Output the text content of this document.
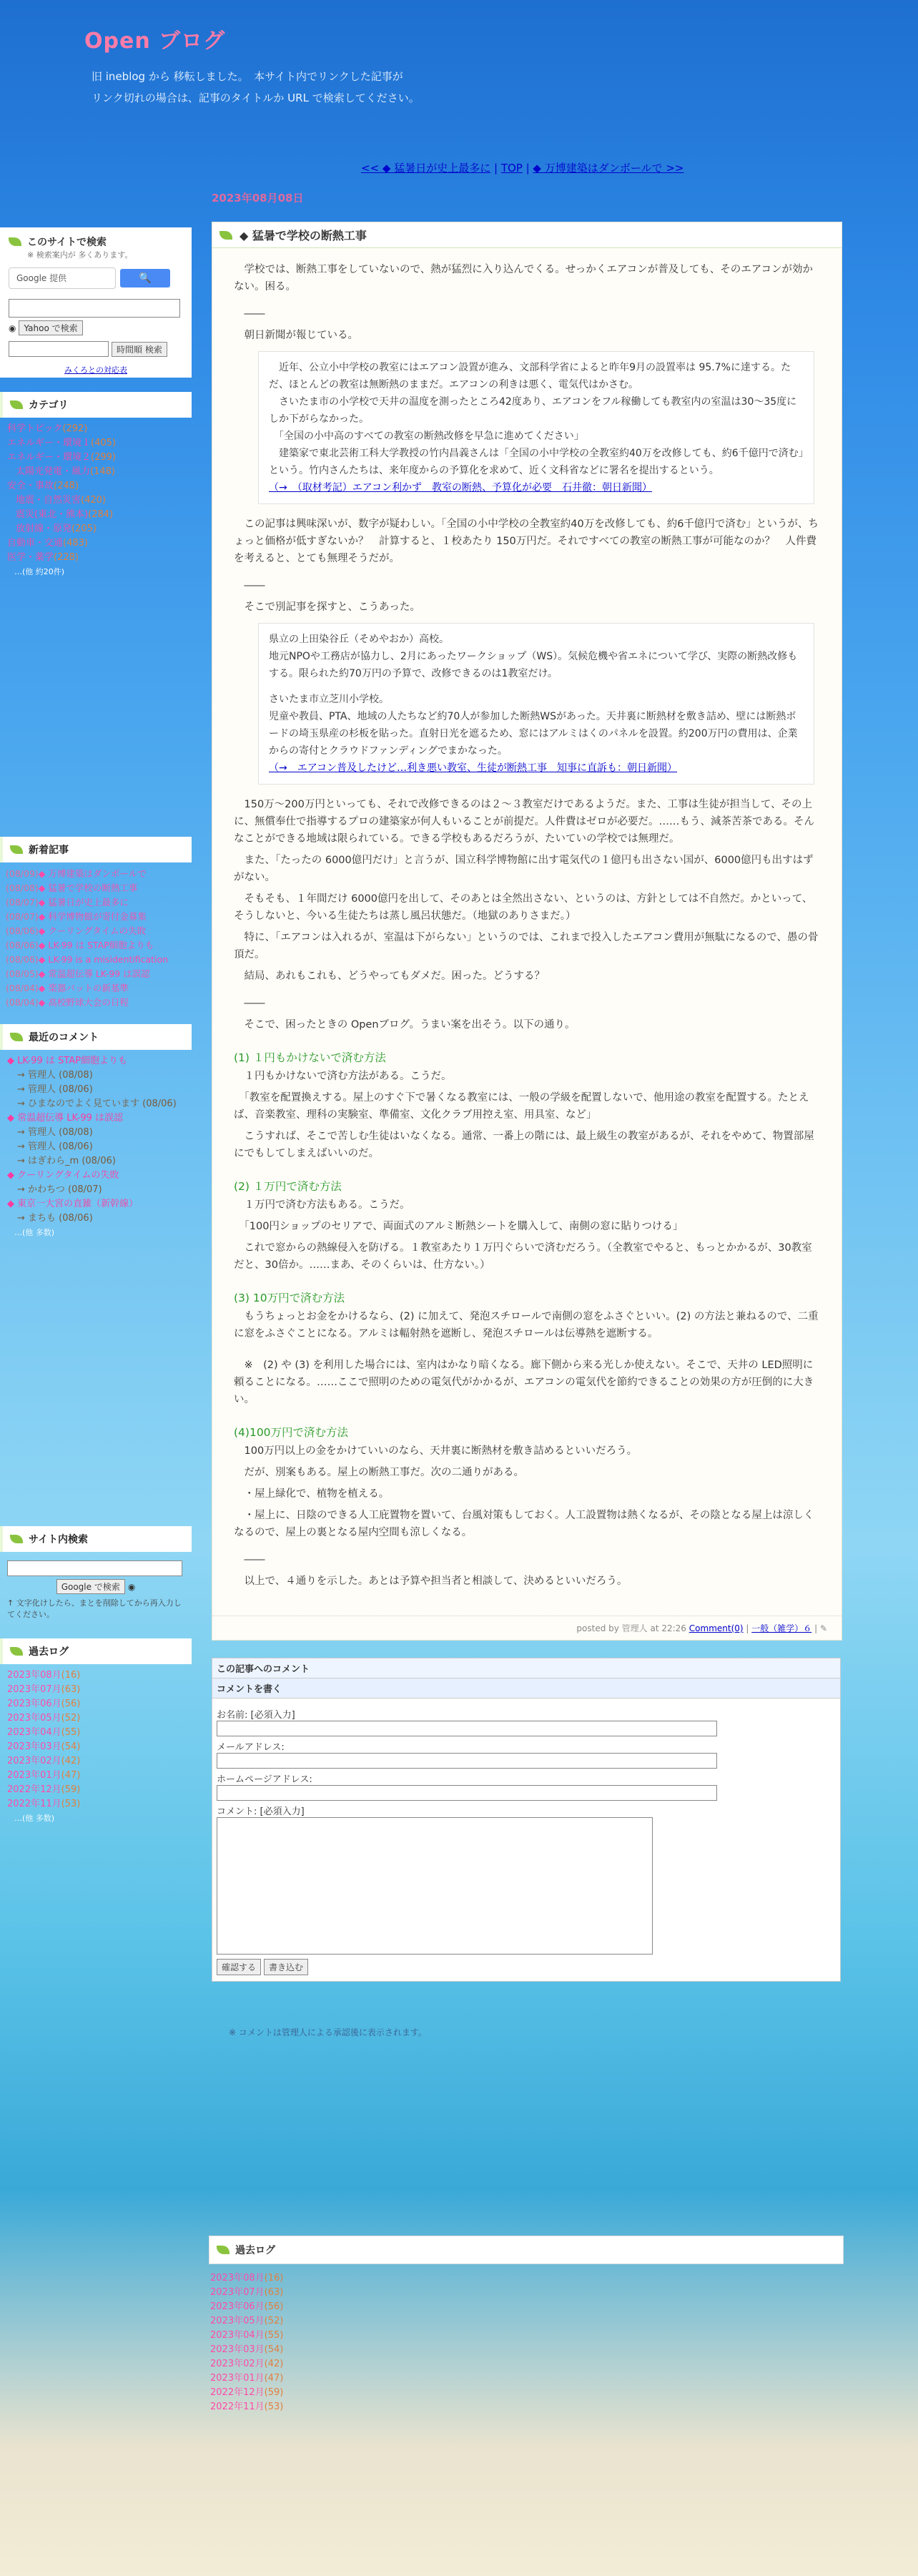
Open ブログ
旧 ineblog から 移転しました。　本サイト内でリンクした記事が
リンク切れの場合は、記事のタイトルか URL で検索してください。
<< ◆ 猛暑日が史上最多に | TOP | ◆ 万博建築はダンボールで >>
2023年08月08日
このサイトで検索
※ 検索案内が 多くあります。
Google 提供	🔍
◉ Yahoo で検索
時間順 検索
みくろとの対応表
カテゴリ
科学トピック(292)
エネルギー・環境１(405)
エネルギー・環境２(299)
太陽光発電・風力(148)
安全・事故(248)
地震・自然災害(420)
震災(東北・熊本)(284)
放射線・原発(205)
自動車・交通(483)
医学・薬学(228)
…(他 約20件)
新着記事
(08/09)◆ 万博建築はダンボールで
(08/08)◆ 猛暑で学校の断熱工事
(08/07)◆ 猛暑日が史上最多に
(08/07)◆ 科学博物館が寄付金募集
(08/06)◆ クーリングタイムの失敗
(08/06)◆ LK-99 は STAP細胞よりも
(08/06)◆ LK-99 is a misidentification
(08/05)◆ 常温超伝導 LK-99 は誤認
(08/04)◆ 楽器バットの新基準
(08/04)◆ 高校野球大会の日程
最近のコメント
◆ LK-99 は STAP細胞よりも
→ 管理人 (08/08)
→ 管理人 (08/06)
→ ひまなのでよく見ています (08/06)
◆ 常温超伝導 LK-99 は誤認
→ 管理人 (08/08)
→ 管理人 (08/06)
→ はぎわら_m (08/06)
◆ クーリングタイムの失敗
→ かわちつ (08/07)
◆ 東京一大宮の直雑（新幹線）
→ まちも (08/06)
…(他 多数)
サイト内検索
Google で検索 ◉
↑ 文字化けしたら、まとを削除してから再入力してください。
過去ログ
2023年08月(16)
2023年07月(63)
2023年06月(56)
2023年05月(52)
2023年04月(55)
2023年03月(54)
2023年02月(42)
2023年01月(47)
2022年12月(59)
2022年11月(53)
…(他 多数)
◆ 猛暑で学校の断熱工事

　学校では、断熱工事をしていないので、熱が猛烈に入り込んでくる。せっかくエアコンが普及しても、そのエアコンが効かない。困る。

　――

　朝日新聞が報じている。

　近年、公立小中学校の教室にはエアコン設置が進み、文部科学省によると昨年9月の設置率は 95.7%に達する。ただ、ほとんどの教室は無断熱のままだ。エアコンの利きは悪く、電気代はかさむ。
　さいたま市の小学校で天井の温度を測ったところ42度あり、エアコンをフル稼働しても教室内の室温は30～35度にしか下がらなかった。
　「全国の小中高のすべての教室の断熱改修を早急に進めてください」
　建築家で東北芸術工科大学教授の竹内昌義さんは「全国の小中学校の全教室約40万を改修しても、約6千億円で済む」という。竹内さんたちは、来年度からの予算化を求めて、近く文科省などに署名を提出するという。
（→　（取材考記）エアコン利かず　教室の断熱、予算化が必要　石井徹：朝日新聞）

　この記事は興味深いが、数字が疑わしい。「全国の小中学校の全教室約40万を改修しても、約6千億円で済む」というが、ちょっと価格が低すぎないか？　計算すると、１校あたり 150万円だ。それですべての教室の断熱工事が可能なのか？　人件費を考えると、とても無理そうだが。

　――

　そこで別記事を探すと、こうあった。

県立の上田染谷丘（そめやおか）高校。
地元NPOや工務店が協力し、2月にあったワークショップ（WS）。気候危機や省エネについて学び、実際の断熱改修もする。限られた約70万円の予算で、改修できるのは1教室だけ。
さいたま市立芝川小学校。
児童や教員、PTA、地域の人たちなど約70人が参加した断熱WSがあった。天井裏に断熱材を敷き詰め、壁には断熱ボードの埼玉県産の杉板を貼った。直射日光を遮るため、窓にはアルミはくのパネルを設置。約200万円の費用は、企業からの寄付とクラウドファンディングでまかなった。
（→　エアコン普及したけど…利き悪い教室、生徒が断熱工事　知事に直訴も：朝日新聞）

　150万～200万円といっても、それで改修できるのは２～３教室だけであるようだ。また、工事は生徒が担当して、その上に、無償奉仕で指導するプロの建築家が何人もいることが前提だ。人件費はゼロが必要だ。……もう、減茶苦茶である。そんなことができる地域は限られている。できる学校もあるだろうが、たいていの学校では無理だ。

　また、「たったの 6000億円だけ」と言うが、国立科学博物館に出す電気代の１億円も出さない国が、6000億円も出すはずがない。

　そもそも、１年間だけ 6000億円を出して、そのあとは全然出さない、というのは、方針としては不自然だ。かといって、そうしないと、今いる生徒たちは蒸し風呂状態だ。（地獄のありさまだ。）

　特に、「エアコンは入れるが、室温は下がらない」というのでは、これまで投入したエアコン費用が無駄になるので、愚の骨頂だ。

　結局、あれもこれも、どうやってもダメだ。困った。どうする？

　――

　そこで、困ったときの Openブログ。うまい案を出そう。以下の通り。

(1) １円もかけないで済む方法

　１円もかけないで済む方法がある。こうだ。

　「教室を配置換えする。屋上のすぐ下で暑くなる教室には、一般の学級を配置しないで、他用途の教室を配置する。たとえば、音楽教室、理科の実験室、準備室、文化クラブ用控え室、用具室、など」

　こうすれば、そこで苦しむ生徒はいなくなる。通常、一番上の階には、最上級生の教室があるが、それをやめて、物置部屋にでもしてしまえばいいのだ。

(2) １万円で済む方法

　１万円で済む方法もある。こうだ。

　「100円ショップのセリアで、両面式のアルミ断熱シートを購入して、南側の窓に貼りつける」

　これで窓からの熱線侵入を防げる。１教室あたり１万円ぐらいで済むだろう。（全教室でやると、もっとかかるが、30教室だと、30倍か。……まあ、そのくらいは、仕方ない。）

(3) 10万円で済む方法

　もうちょっとお金をかけるなら、(2) に加えて、発泡スチロールで南側の窓をふさぐといい。(2) の方法と兼ねるので、二重に窓をふさぐことになる。アルミは輻射熱を遮断し、発泡スチロールは伝導熱を遮断する。

　※　(2) や (3) を利用した場合には、室内はかなり暗くなる。廊下側から来る光しか使えない。そこで、天井の LED照明に頼ることになる。……ここで照明のための電気代がかかるが、エアコンの電気代を節約できることの効果の方が圧倒的に大きい。

(4)100万円で済む方法

　100万円以上の金をかけていいのなら、天井裏に断熱材を敷き詰めるといいだろう。

　だが、別案もある。屋上の断熱工事だ。次の二通りがある。

　・屋上緑化で、植物を植える。

　・屋上に、日陰のできる人工庇置物を置いて、台風対策もしておく。人工設置物は熱くなるが、その陰となる屋上は涼しくなるので、屋上の裏となる屋内空間も涼しくなる。

　――

　以上で、４通りを示した。あとは予算や担当者と相談して、決めるといいだろう。

posted by 管理人 at 22:26 Comment(0) | 一般（雑学）６ | ✎
この記事へのコメント
コメントを書く
お名前: [必須入力]
メールアドレス:
ホームページアドレス:
コメント: [必須入力]
確認する	書き込む
※ コメントは管理人による承認後に表示されます。
過去ログ
2023年08月(16)
2023年07月(63)
2023年06月(56)
2023年05月(52)
2023年04月(55)
2023年03月(54)
2023年02月(42)
2023年01月(47)
2022年12月(59)
2022年11月(53)
